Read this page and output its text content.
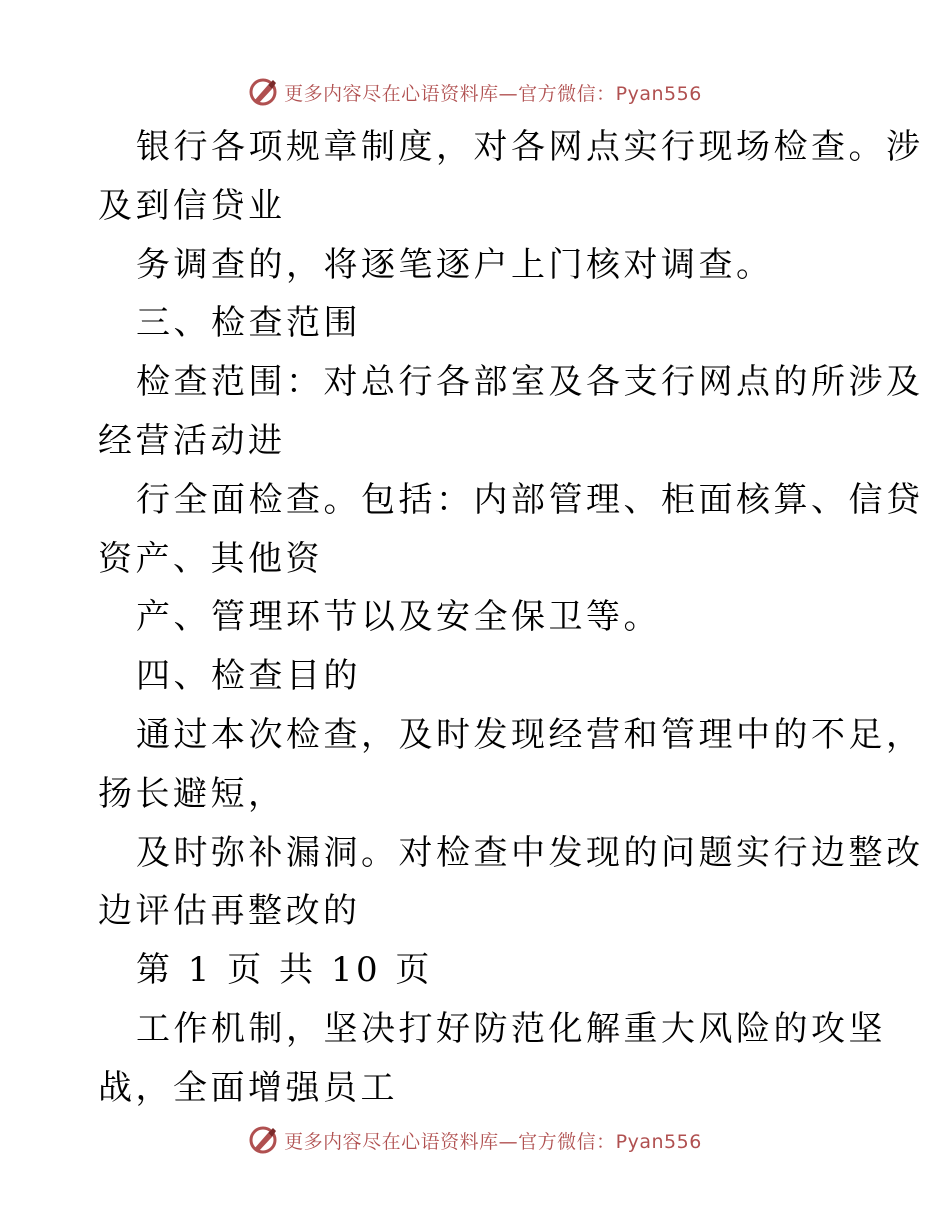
更多内容尽在心语资料库—官方微信：Pyan556
银行各项规章制度，对各网点实行现场检查。涉
及到信贷业
务调查的，将逐笔逐户上门核对调查。
三、检查范围
检查范围：对总行各部室及各支行网点的所涉及
经营活动进
行全面检查。包括：内部管理、柜面核算、信贷
资产、其他资
产、管理环节以及安全保卫等。
四、检查目的
通过本次检查，及时发现经营和管理中的不足，
扬长避短，
及时弥补漏洞。对检查中发现的问题实行边整改
边评估再整改的
第 1 页 共 10 页
工作机制，坚决打好防范化解重大风险的攻坚
战，全面增强员工
更多内容尽在心语资料库—官方微信：Pyan556
